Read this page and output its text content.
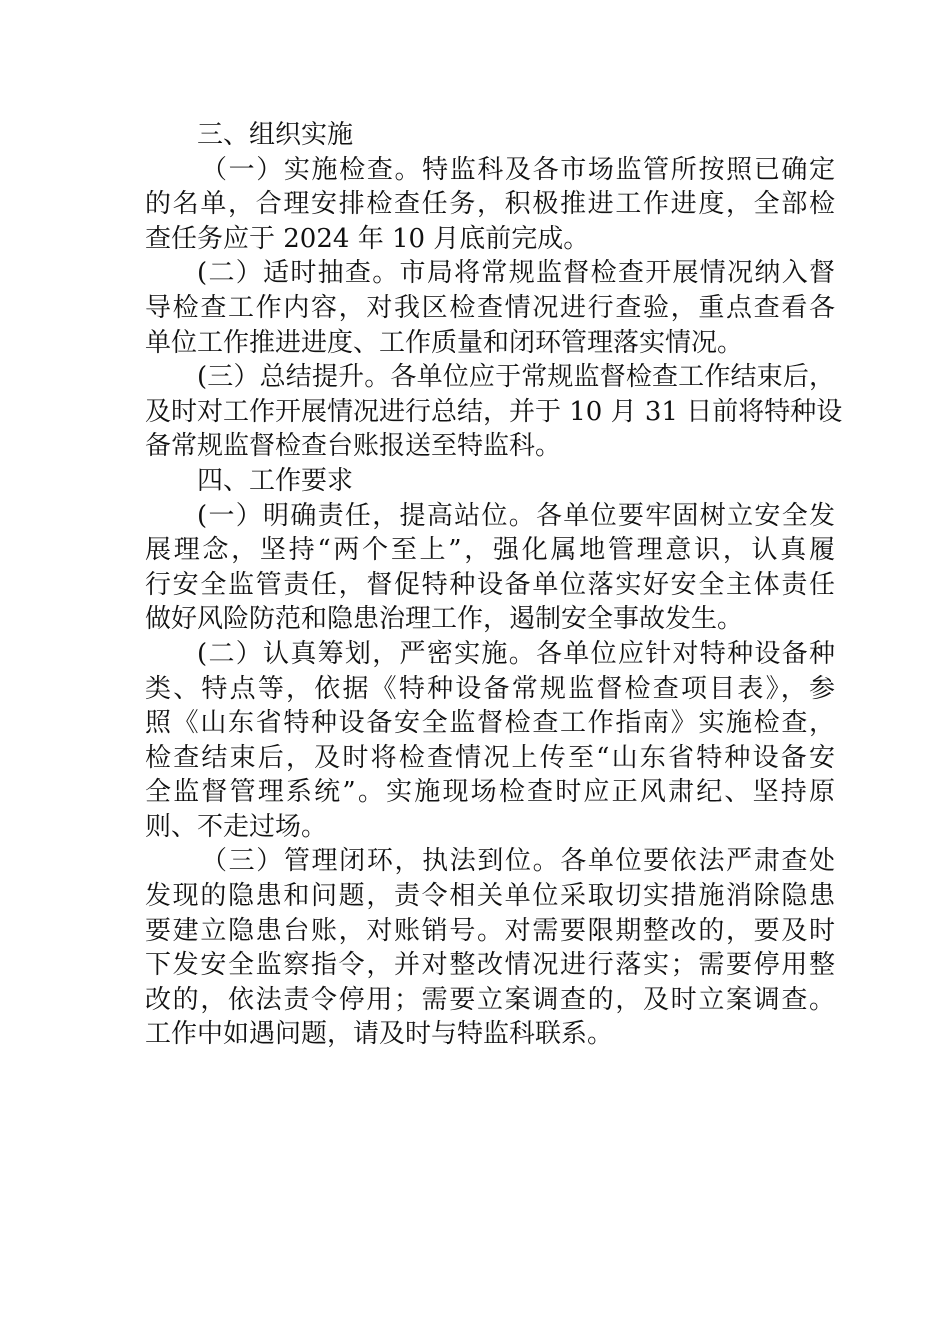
三、组织实施
（一）实施检查。特监科及各市场监管所按照已确定
的名单，合理安排检查任务，积极推进工作进度，全部检
查任务应于 2024 年 10 月底前完成。
(二）适时抽查。市局将常规监督检查开展情况纳入督
导检查工作内容，对我区检查情况进行查验，重点查看各
单位工作推进进度、工作质量和闭环管理落实情况。
(三）总结提升。各单位应于常规监督检查工作结束后，
及时对工作开展情况进行总结，并于 10 月 31 日前将特种设
备常规监督检查台账报送至特监科。
四、工作要求
(一）明确责任，提高站位。各单位要牢固树立安全发
展理念，坚持“两个至上”，强化属地管理意识，认真履
行安全监管责任，督促特种设备单位落实好安全主体责任
做好风险防范和隐患治理工作，遏制安全事故发生。
(二）认真筹划，严密实施。各单位应针对特种设备种
类、特点等，依据《特种设备常规监督检查项目表》，参
照《山东省特种设备安全监督检查工作指南》实施检查，
检查结束后，及时将检查情况上传至“山东省特种设备安
全监督管理系统”。实施现场检查时应正风肃纪、坚持原
则、不走过场。
（三）管理闭环，执法到位。各单位要依法严肃查处
发现的隐患和问题，责令相关单位采取切实措施消除隐患
要建立隐患台账，对账销号。对需要限期整改的，要及时
下发安全监察指令，并对整改情况进行落实；需要停用整
改的，依法责令停用；需要立案调查的，及时立案调查。
工作中如遇问题，请及时与特监科联系。
